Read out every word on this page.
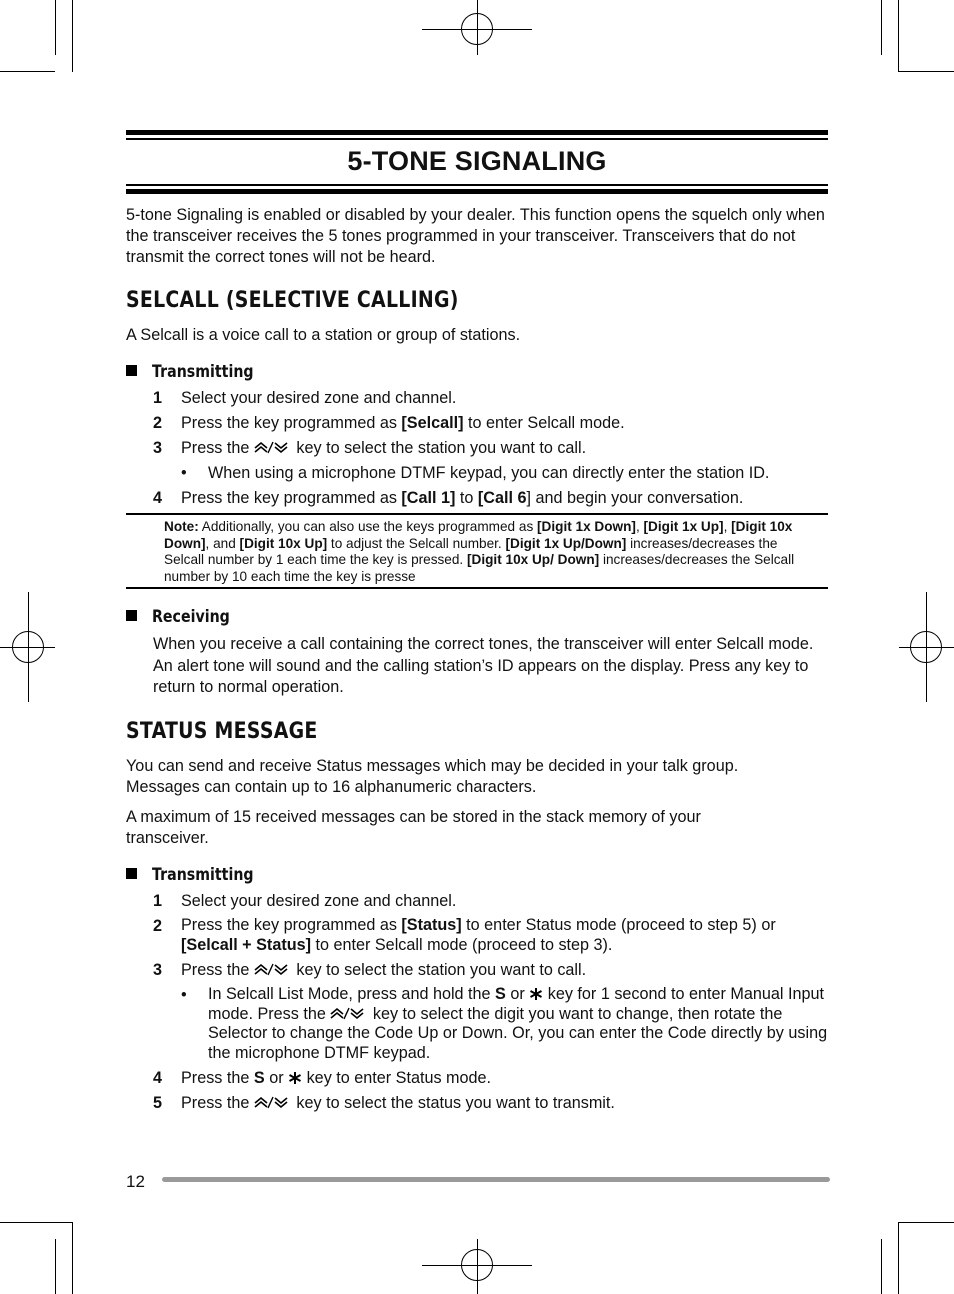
5-TONE SIGNALING

5-tone Signaling is enabled or disabled by your dealer. This function opens the squelch only when the transceiver receives the 5 tones programmed in your transceiver. Transceivers that do not transmit the correct tones will not be heard.

SELCALL (SELECTIVE CALLING)

A Selcall is a voice call to a station or group of stations.

Transmitting
1 Select your desired zone and channel.
2 Press the key programmed as [Selcall] to enter Selcall mode.
3 Press the  key to select the station you want to call.
• When using a microphone DTMF keypad, you can directly enter the station ID.
4 Press the key programmed as [Call 1] to [Call 6] and begin your conversation.
Note: Additionally, you can also use the keys programmed as [Digit 1x Down], [Digit 1x Up], [Digit 10x Down], and [Digit 10x Up] to adjust the Selcall number. [Digit 1x Up/Down] increases/decreases the Selcall number by 1 each time the key is pressed. [Digit 10x Up/ Down] increases/decreases the Selcall number by 10 each time the key is presse
Receiving

When you receive a call containing the correct tones, the transceiver will enter Selcall mode. An alert tone will sound and the calling station’s ID appears on the display. Press any key to return to normal operation.

STATUS MESSAGE

You can send and receive Status messages which may be decided in your talk group. Messages can contain up to 16 alphanumeric characters.

A maximum of 15 received messages can be stored in the stack memory of your transceiver.

Transmitting
1 Select your desired zone and channel.
2 Press the key programmed as [Status] to enter Status mode (proceed to step 5) or [Selcall + Status] to enter Selcall mode (proceed to step 3).
3 Press the  key to select the station you want to call.
• In Selcall List Mode, press and hold the S or  key for 1 second to enter Manual Input mode. Press the  key to select the digit you want to change, then rotate the Selector to change the Code Up or Down. Or, you can enter the Code directly by using the microphone DTMF keypad.
4 Press the S or  key to enter Status mode.
5 Press the  key to select the status you want to transmit.
12
